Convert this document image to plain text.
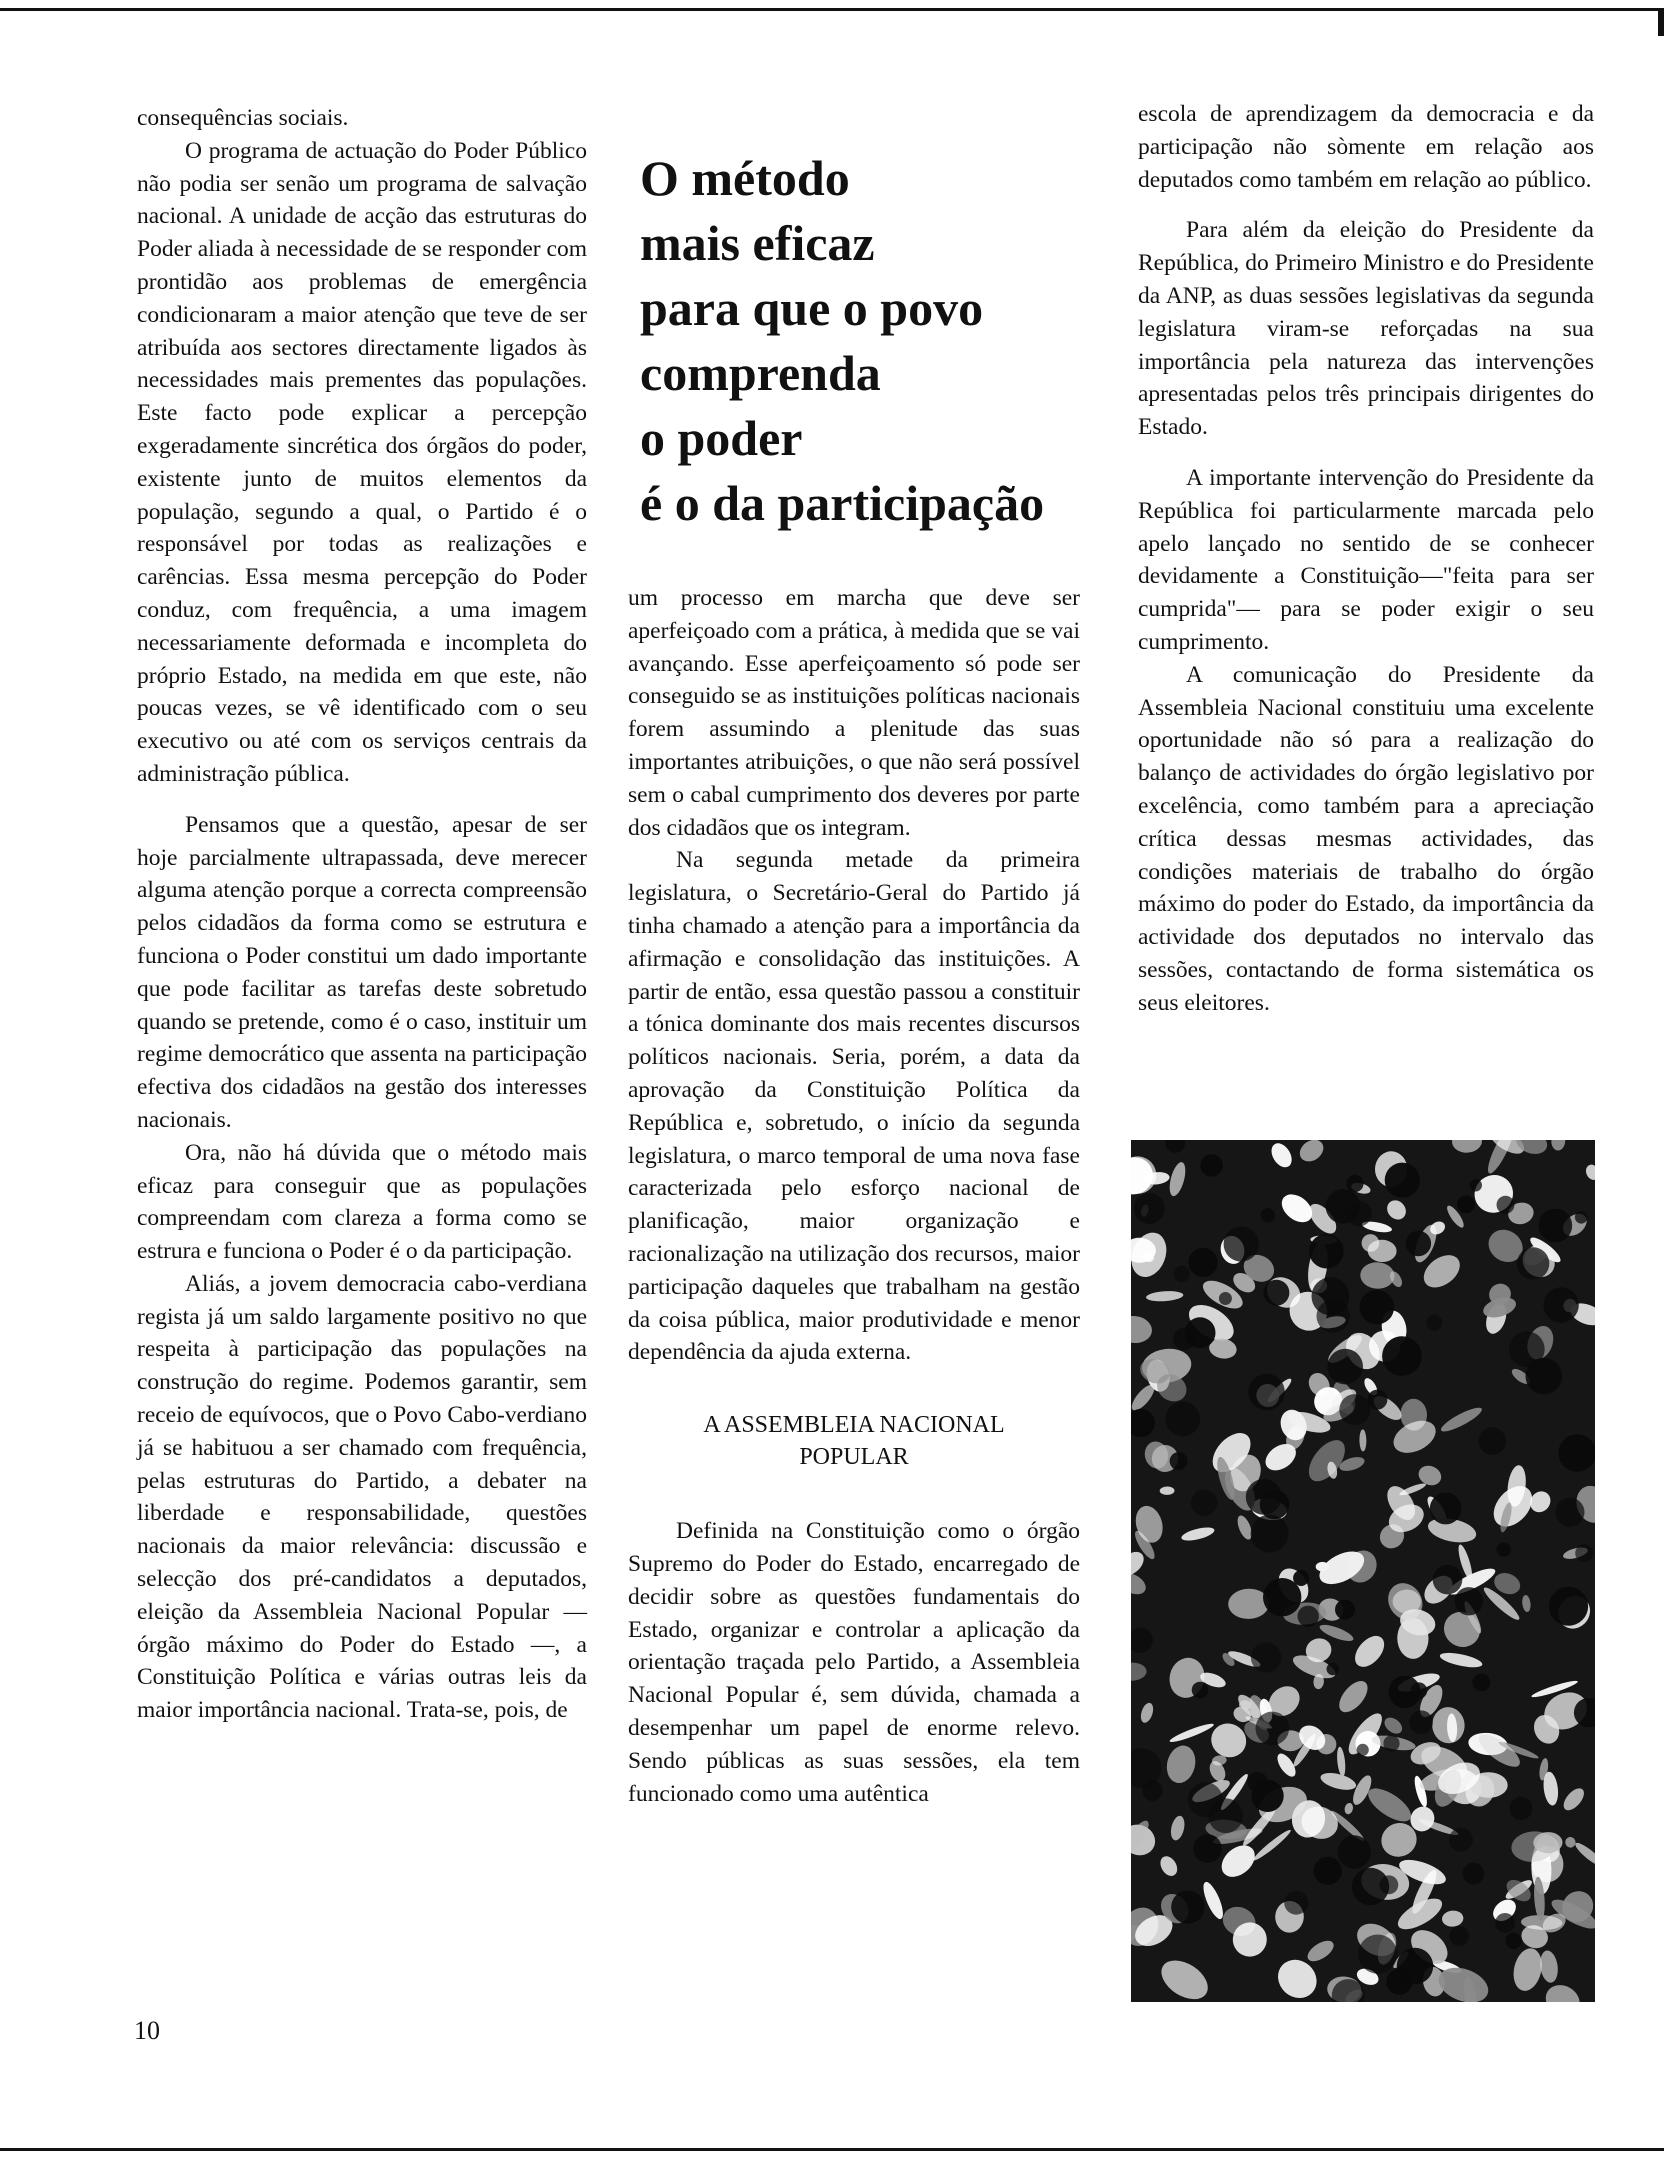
consequências sociais.

O programa de actuação do Poder Público não podia ser senão um programa de salvação nacional. A unidade de acção das estruturas do Poder aliada à necessidade de se responder com prontidão aos problemas de emergência condicionaram a maior atenção que teve de ser atribuída aos sectores directamente ligados às necessidades mais prementes das populações. Este facto pode explicar a percepção exgeradamente sincrética dos órgãos do poder, existente junto de muitos elementos da população, segundo a qual, o Partido é o responsável por todas as realizações e carências. Essa mesma percepção do Poder conduz, com frequência, a uma imagem necessariamente deformada e incompleta do próprio Estado, na medida em que este, não poucas vezes, se vê identificado com o seu executivo ou até com os serviços centrais da administração pública.

Pensamos que a questão, apesar de ser hoje parcialmente ultrapassada, deve merecer alguma atenção porque a correcta compreensão pelos cidadãos da forma como se estrutura e funciona o Poder constitui um dado importante que pode facilitar as tarefas deste sobretudo quando se pretende, como é o caso, instituir um regime democrático que assenta na participação efectiva dos cidadãos na gestão dos interesses nacionais.

Ora, não há dúvida que o método mais eficaz para conseguir que as populações compreendam com clareza a forma como se estrura e funciona o Poder é o da participação.

Aliás, a jovem democracia cabo-verdiana regista já um saldo largamente positivo no que respeita à participação das populações na construção do regime. Podemos garantir, sem receio de equívocos, que o Povo Cabo-verdiano já se habituou a ser chamado com frequência, pelas estruturas do Partido, a debater na liberdade e responsabilidade, questões nacionais da maior relevância: discussão e selecção dos pré-candidatos a deputados, eleição da Assembleia Nacional Popular — órgão máximo do Poder do Estado —, a Constituição Política e várias outras leis da maior importância nacional. Trata-se, pois, de

O método
mais eficaz
para que o povo
comprenda
o poder
é o da participação

um processo em marcha que deve ser aperfeiçoado com a prática, à medida que se vai avançando. Esse aperfeiçoamento só pode ser conseguido se as instituições políticas nacionais forem assumindo a plenitude das suas importantes atribuições, o que não será possível sem o cabal cumprimento dos deveres por parte dos cidadãos que os integram.

Na segunda metade da primeira legislatura, o Secretário-Geral do Partido já tinha chamado a atenção para a importância da afirmação e consolidação das instituições. A partir de então, essa questão passou a constituir a tónica dominante dos mais recentes discursos políticos nacionais. Seria, porém, a data da aprovação da Constituição Política da República e, sobretudo, o início da segunda legislatura, o marco temporal de uma nova fase caracterizada pelo esforço nacional de planificação, maior organização e racionalização na utilização dos recursos, maior participação daqueles que trabalham na gestão da coisa pública, maior produtividade e menor dependência da ajuda externa.

A ASSEMBLEIA NACIONAL
POPULAR

Definida na Constituição como o órgão Supremo do Poder do Estado, encarregado de decidir sobre as questões fundamentais do Estado, organizar e controlar a aplicação da orientação traçada pelo Partido, a Assembleia Nacional Popular é, sem dúvida, chamada a desempenhar um papel de enorme relevo. Sendo públicas as suas sessões, ela tem funcionado como uma autêntica

escola de aprendizagem da democracia e da participação não sòmente em relação aos deputados como também em relação ao público.

Para além da eleição do Presidente da República, do Primeiro Ministro e do Presidente da ANP, as duas sessões legislativas da segunda legislatura viram-se reforçadas na sua importância pela natureza das intervenções apresentadas pelos três principais dirigentes do Estado.

A importante intervenção do Presidente da República foi particularmente marcada pelo apelo lançado no sentido de se conhecer devidamente a Constituição—"feita para ser cumprida"— para se poder exigir o seu cumprimento.

A comunicação do Presidente da Assembleia Nacional constituiu uma excelente oportunidade não só para a realização do balanço de actividades do órgão legislativo por excelência, como também para a apreciação crítica dessas mesmas actividades, das condições materiais de trabalho do órgão máximo do poder do Estado, da importância da actividade dos deputados no intervalo das sessões, contactando de forma sistemática os seus eleitores.

10
